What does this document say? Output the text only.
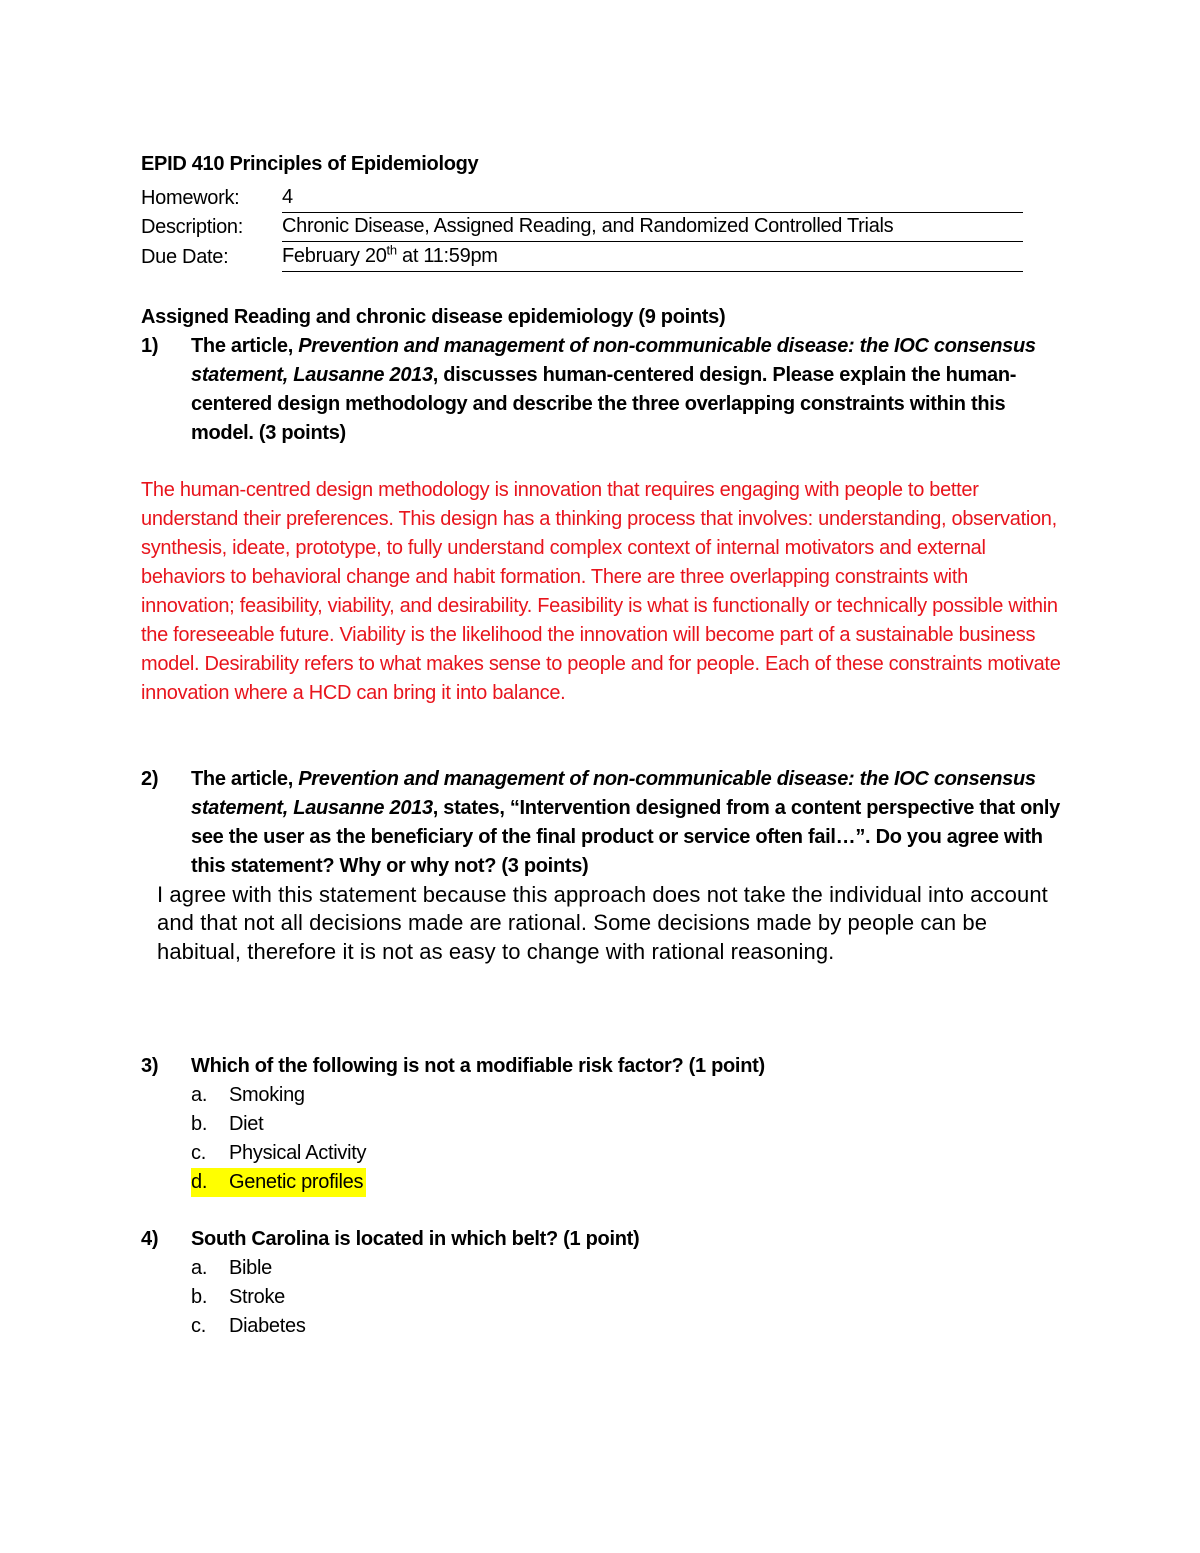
EPID 410 Principles of Epidemiology
Homework:	4
Description:	Chronic Disease, Assigned Reading, and Randomized Controlled Trials
Due Date:	February 20th at 11:59pm
Assigned Reading and chronic disease epidemiology (9 points)
1)	The article, Prevention and management of non-communicable disease: the IOC consensus statement, Lausanne 2013, discusses human-centered design. Please explain the human-centered design methodology and describe the three overlapping constraints within this model. (3 points)
The human-centred design methodology is innovation that requires engaging with people to better understand their preferences. This design has a thinking process that involves: understanding, observation, synthesis, ideate, prototype, to fully understand complex context of internal motivators and external behaviors to behavioral change and habit formation. There are three overlapping constraints with innovation; feasibility, viability, and desirability. Feasibility is what is functionally or technically possible within the foreseeable future. Viability is the likelihood the innovation will become part of a sustainable business model. Desirability refers to what makes sense to people and for people. Each of these constraints motivate innovation where a HCD can bring it into balance.
2)	The article, Prevention and management of non-communicable disease: the IOC consensus statement, Lausanne 2013, states, “Intervention designed from a content perspective that only see the user as the beneficiary of the final product or service often fail…”. Do you agree with this statement? Why or why not? (3 points)
I agree with this statement because this approach does not take the individual into account and that not all decisions made are rational. Some decisions made by people can be habitual, therefore it is not as easy to change with rational reasoning.
3)	Which of the following is not a modifiable risk factor? (1 point)
a.	Smoking
b.	Diet
c.	Physical Activity
d.	Genetic profiles
4)	South Carolina is located in which belt? (1 point)
a.	Bible
b.	Stroke
c.	Diabetes
